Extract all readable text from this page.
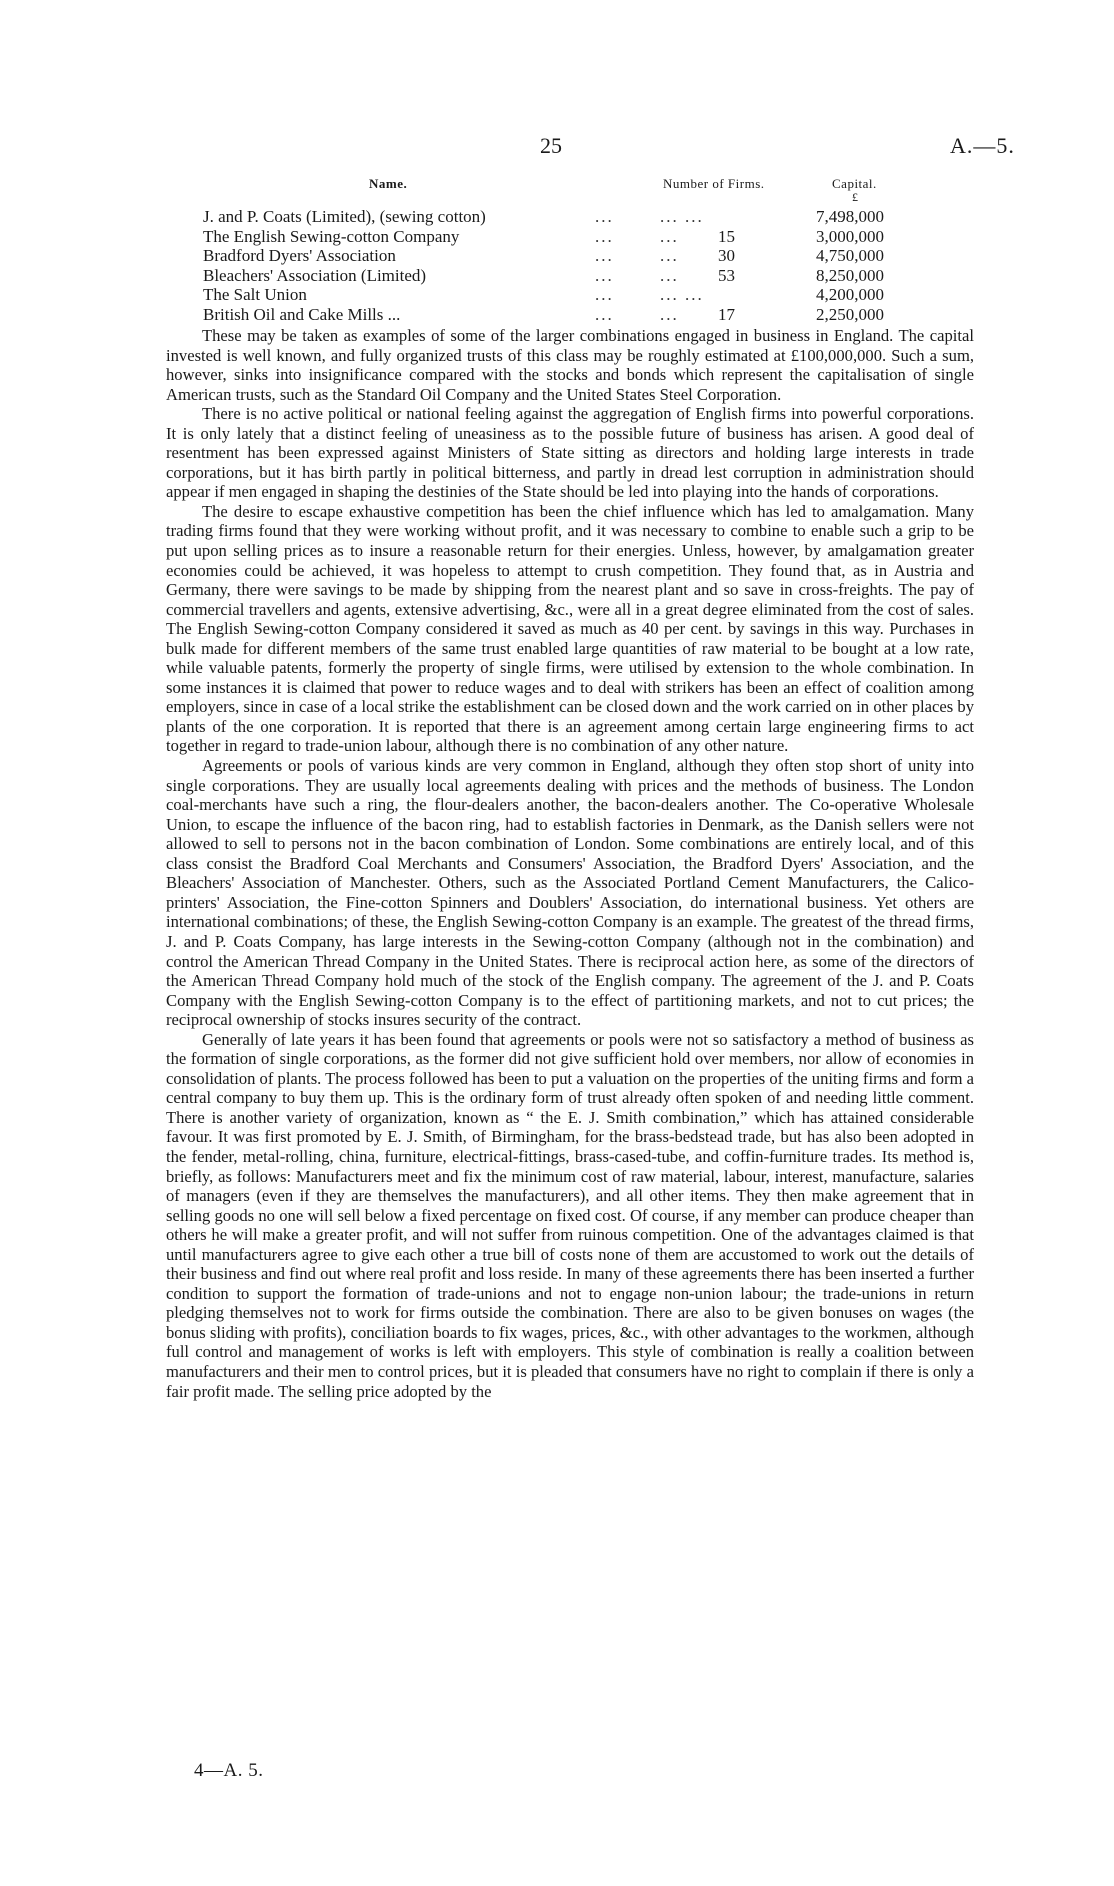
25	A.—5.
Name.	Number of Firms.	Capital.
£
J. and P. Coats (Limited), (sewing cotton)	...	... ...	7,498,000
The English Sewing-cotton Company	...	... 15	3,000,000
Bradford Dyers' Association	...	... 30	4,750,000
Bleachers' Association (Limited)	...	... 53	8,250,000
The Salt Union	...	... ...	4,200,000
British Oil and Cake Mills ...	...	... 17	2,250,000

These may be taken as examples of some of the larger combinations engaged in business in England. The capital invested is well known, and fully organized trusts of this class may be roughly estimated at £100,000,000. Such a sum, however, sinks into insignificance compared with the stocks and bonds which represent the capitalisation of single American trusts, such as the Standard Oil Company and the United States Steel Corporation.

There is no active political or national feeling against the aggregation of English firms into powerful corporations. It is only lately that a distinct feeling of uneasiness as to the possible future of business has arisen. A good deal of resentment has been expressed against Ministers of State sitting as directors and holding large interests in trade corporations, but it has birth partly in political bitterness, and partly in dread lest corruption in administration should appear if men engaged in shaping the destinies of the State should be led into playing into the hands of corporations.

The desire to escape exhaustive competition has been the chief influence which has led to amalgamation. Many trading firms found that they were working without profit, and it was necessary to combine to enable such a grip to be put upon selling prices as to insure a reasonable return for their energies. Unless, however, by amalgamation greater economies could be achieved, it was hopeless to attempt to crush competition. They found that, as in Austria and Germany, there were savings to be made by shipping from the nearest plant and so save in cross-freights. The pay of commercial travellers and agents, extensive advertising, &c., were all in a great degree eliminated from the cost of sales. The English Sewing-cotton Company considered it saved as much as 40 per cent. by savings in this way. Purchases in bulk made for different members of the same trust enabled large quantities of raw material to be bought at a low rate, while valuable patents, formerly the property of single firms, were utilised by extension to the whole combination. In some instances it is claimed that power to reduce wages and to deal with strikers has been an effect of coalition among employers, since in case of a local strike the establishment can be closed down and the work carried on in other places by plants of the one corporation. It is reported that there is an agreement among certain large engineering firms to act together in regard to trade-union labour, although there is no combination of any other nature.

Agreements or pools of various kinds are very common in England, although they often stop short of unity into single corporations. They are usually local agreements dealing with prices and the methods of business. The London coal-merchants have such a ring, the flour-dealers another, the bacon-dealers another. The Co-operative Wholesale Union, to escape the influence of the bacon ring, had to establish factories in Denmark, as the Danish sellers were not allowed to sell to persons not in the bacon combination of London. Some combinations are entirely local, and of this class consist the Bradford Coal Merchants and Consumers' Association, the Bradford Dyers' Association, and the Bleachers' Association of Manchester. Others, such as the Associated Portland Cement Manufacturers, the Calico-printers' Association, the Fine-cotton Spinners and Doublers' Association, do international business. Yet others are international combinations; of these, the English Sewing-cotton Company is an example. The greatest of the thread firms, J. and P. Coats Company, has large interests in the Sewing-cotton Company (although not in the combination) and control the American Thread Company in the United States. There is reciprocal action here, as some of the directors of the American Thread Company hold much of the stock of the English company. The agreement of the J. and P. Coats Company with the English Sewing-cotton Company is to the effect of partitioning markets, and not to cut prices; the reciprocal ownership of stocks insures security of the contract.

Generally of late years it has been found that agreements or pools were not so satisfactory a method of business as the formation of single corporations, as the former did not give sufficient hold over members, nor allow of economies in consolidation of plants. The process followed has been to put a valuation on the properties of the uniting firms and form a central company to buy them up. This is the ordinary form of trust already often spoken of and needing little comment. There is another variety of organization, known as “ the E. J. Smith combination,” which has attained considerable favour. It was first promoted by E. J. Smith, of Birmingham, for the brass-bedstead trade, but has also been adopted in the fender, metal-rolling, china, furniture, electrical-fittings, brass-cased-tube, and coffin-furniture trades. Its method is, briefly, as follows: Manufacturers meet and fix the minimum cost of raw material, labour, interest, manufacture, salaries of managers (even if they are themselves the manufacturers), and all other items. They then make agreement that in selling goods no one will sell below a fixed percentage on fixed cost. Of course, if any member can produce cheaper than others he will make a greater profit, and will not suffer from ruinous competition. One of the advantages claimed is that until manufacturers agree to give each other a true bill of costs none of them are accustomed to work out the details of their business and find out where real profit and loss reside. In many of these agreements there has been inserted a further condition to support the formation of trade-unions and not to engage non-union labour; the trade-unions in return pledging themselves not to work for firms outside the combination. There are also to be given bonuses on wages (the bonus sliding with profits), conciliation boards to fix wages, prices, &c., with other advantages to the workmen, although full control and management of works is left with employers. This style of combination is really a coalition between manufacturers and their men to control prices, but it is pleaded that consumers have no right to complain if there is only a fair profit made. The selling price adopted by the

4—A. 5.
